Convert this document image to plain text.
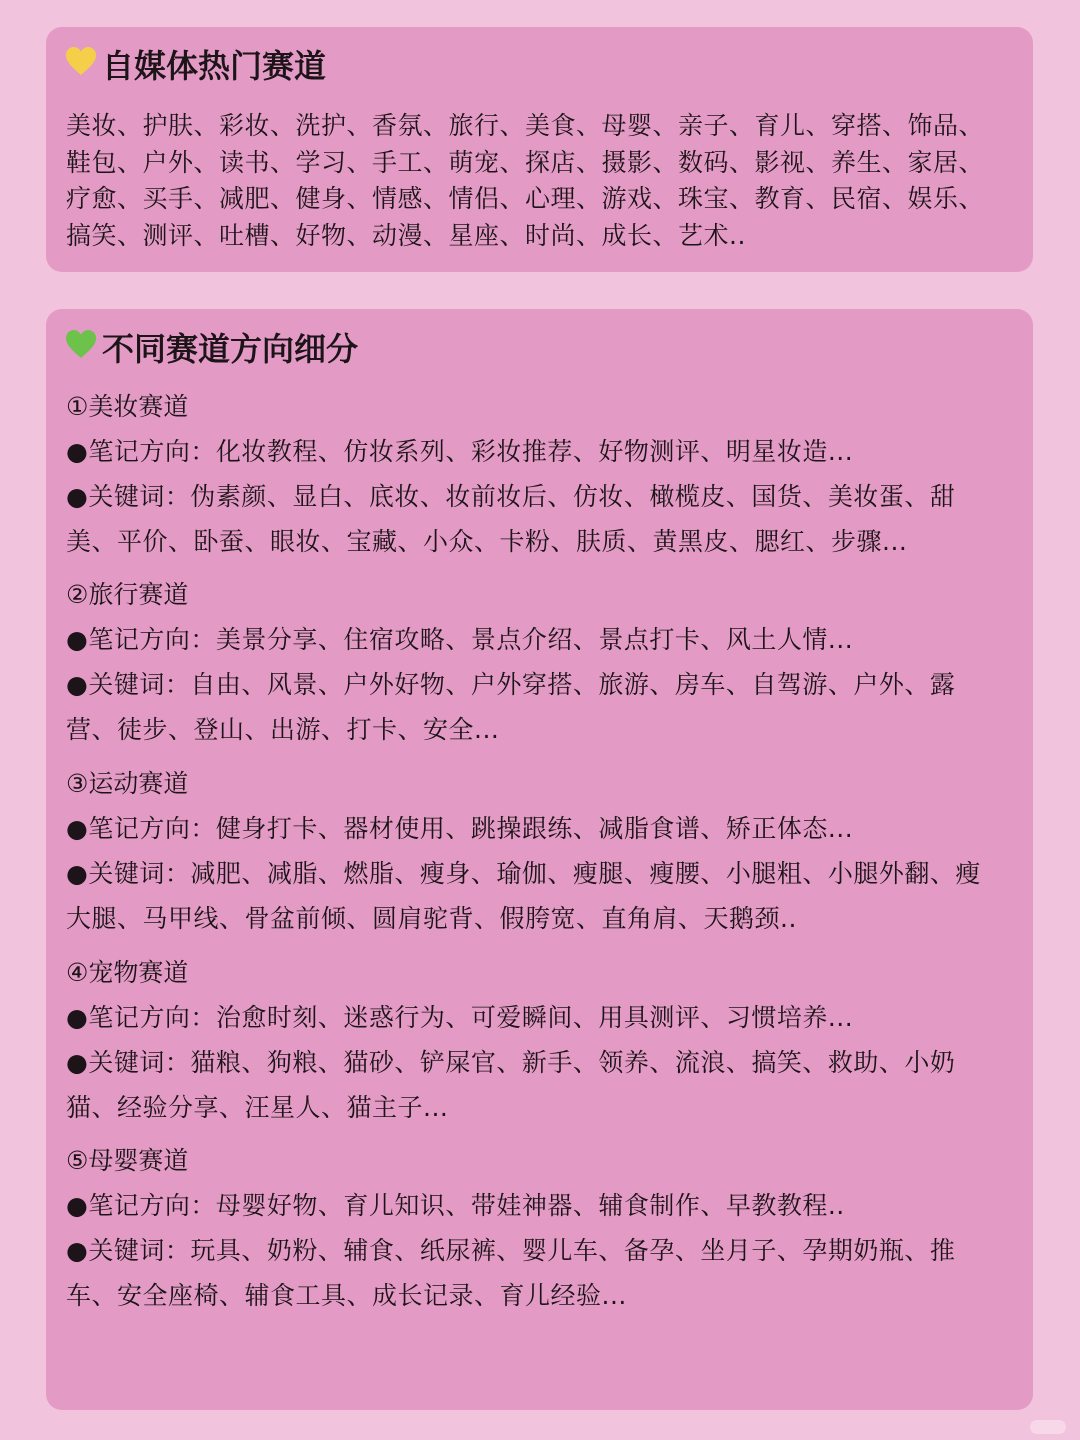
自媒体热门赛道
美妆、护肤、彩妆、洗护、香氛、旅行、美食、母婴、亲子、育儿、穿搭、饰品、鞋包、户外、读书、学习、手工、萌宠、探店、摄影、数码、影视、养生、家居、疗愈、买手、减肥、健身、情感、情侣、心理、游戏、珠宝、教育、民宿、娱乐、搞笑、测评、吐槽、好物、动漫、星座、时尚、成长、艺术..
不同赛道方向细分
①美妆赛道
●笔记方向：化妆教程、仿妆系列、彩妆推荐、好物测评、明星妆造...
●关键词：伪素颜、显白、底妆、妆前妆后、仿妆、橄榄皮、国货、美妆蛋、甜美、平价、卧蚕、眼妆、宝藏、小众、卡粉、肤质、黄黑皮、腮红、步骤...
②旅行赛道
●笔记方向：美景分享、住宿攻略、景点介绍、景点打卡、风土人情...
●关键词：自由、风景、户外好物、户外穿搭、旅游、房车、自驾游、户外、露营、徒步、登山、出游、打卡、安全...
③运动赛道
●笔记方向：健身打卡、器材使用、跳操跟练、减脂食谱、矫正体态...
●关键词：减肥、减脂、燃脂、瘦身、瑜伽、瘦腿、瘦腰、小腿粗、小腿外翻、瘦大腿、马甲线、骨盆前倾、圆肩驼背、假胯宽、直角肩、天鹅颈..
④宠物赛道
●笔记方向：治愈时刻、迷惑行为、可爱瞬间、用具测评、习惯培养...
●关键词：猫粮、狗粮、猫砂、铲屎官、新手、领养、流浪、搞笑、救助、小奶猫、经验分享、汪星人、猫主子...
⑤母婴赛道
●笔记方向：母婴好物、育儿知识、带娃神器、辅食制作、早教教程..
●关键词：玩具、奶粉、辅食、纸尿裤、婴儿车、备孕、坐月子、孕期奶瓶、推车、安全座椅、辅食工具、成长记录、育儿经验...
